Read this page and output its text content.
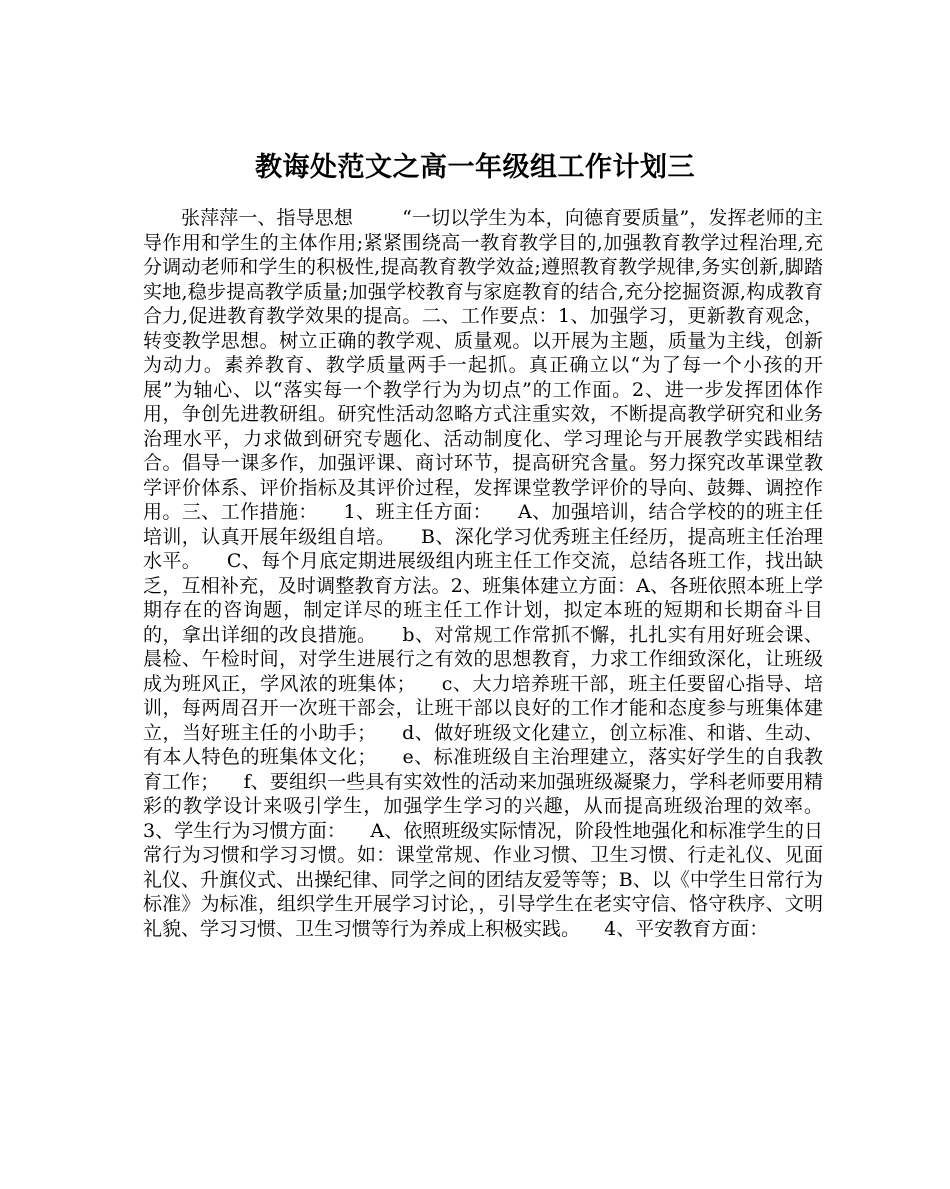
教诲处范文之高一年级组工作计划三
张萍萍一、指导思想        “一切以学生为本，向德育要质量”，发挥老师的主导作用和学生的主体作用;紧紧围绕高一教育教学目的,加强教育教学过程治理,充分调动老师和学生的积极性,提高教育教学效益;遵照教育教学规律,务实创新,脚踏实地,稳步提高教学质量;加强学校教育与家庭教育的结合,充分挖掘资源,构成教育合力,促进教育教学效果的提高。二、工作要点：1、加强学习，更新教育观念，转变教学思想。树立正确的教学观、质量观。以开展为主题，质量为主线，创新为动力。素养教育、教学质量两手一起抓。真正确立以“为了每一个小孩的开展”为轴心、以“落实每一个教学行为为切点”的工作面。2、进一步发挥团体作用，争创先进教研组。研究性活动忽略方式注重实效，不断提高教学研究和业务治理水平，力求做到研究专题化、活动制度化、学习理论与开展教学实践相结合。倡导一课多作，加强评课、商讨环节，提高研究含量。努力探究改革课堂教学评价体系、评价指标及其评价过程，发挥课堂教学评价的导向、鼓舞、调控作用。三、工作措施：    1、班主任方面：    A、加强培训，结合学校的的班主任培训，认真开展年级组自培。    B、深化学习优秀班主任经历，提高班主任治理水平。    C、每个月底定期进展级组内班主任工作交流，总结各班工作，找出缺乏，互相补充，及时调整教育方法。2、班集体建立方面：A、各班依照本班上学期存在的咨询题，制定详尽的班主任工作计划，拟定本班的短期和长期奋斗目的，拿出详细的改良措施。    b、对常规工作常抓不懈，扎扎实有用好班会课、晨检、午检时间，对学生进展行之有效的思想教育，力求工作细致深化，让班级成为班风正，学风浓的班集体；    c、大力培养班干部，班主任要留心指导、培训，每两周召开一次班干部会，让班干部以良好的工作才能和态度参与班集体建立，当好班主任的小助手；    d、做好班级文化建立，创立标准、和谐、生动、有本人特色的班集体文化；    e、标准班级自主治理建立，落实好学生的自我教育工作；    f、要组织一些具有实效性的活动来加强班级凝聚力，学科老师要用精彩的教学设计来吸引学生，加强学生学习的兴趣，从而提高班级治理的效率。    3、学生行为习惯方面：    A、依照班级实际情况，阶段性地强化和标准学生的日常行为习惯和学习习惯。如：课堂常规、作业习惯、卫生习惯、行走礼仪、见面礼仪、升旗仪式、出操纪律、同学之间的团结友爱等等；B、以《中学生日常行为标准》为标准，组织学生开展学习讨论，，引导学生在老实守信、恪守秩序、文明礼貌、学习习惯、卫生习惯等行为养成上积极实践。    4、平安教育方面：
